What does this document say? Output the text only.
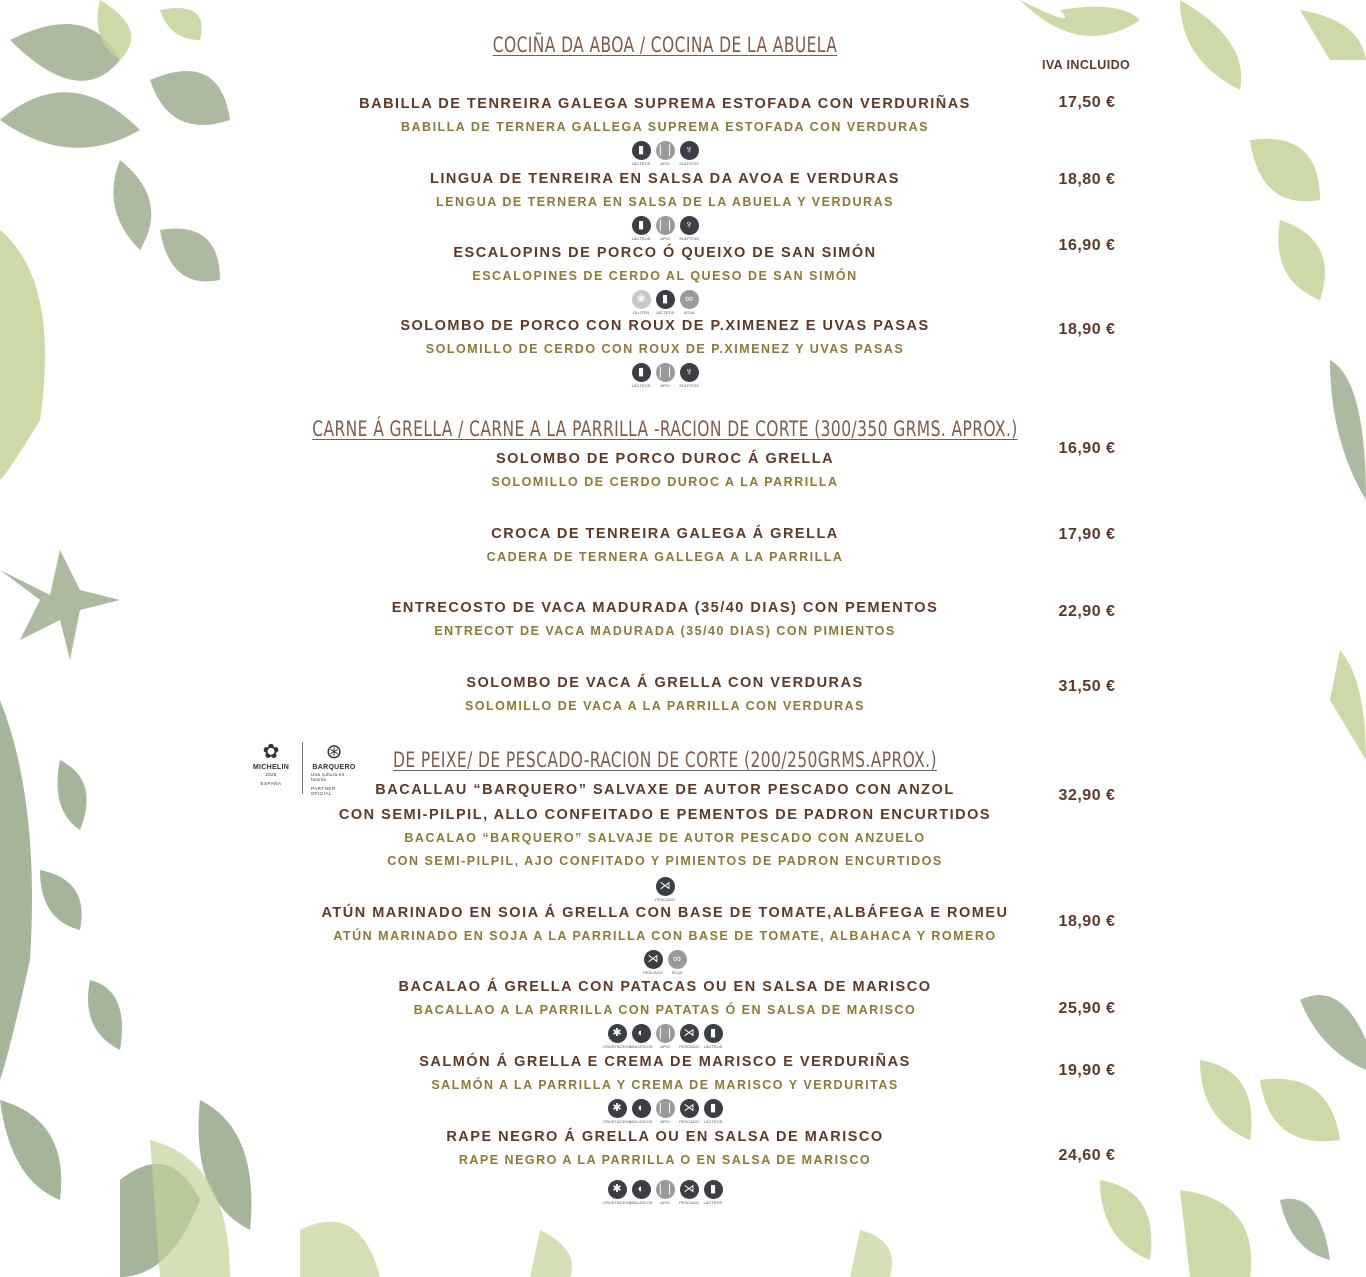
COCIÑA DA ABOA / COCINA DE LA ABUELA
IVA INCLUIDO
BABILLA DE TENREIRA GALEGA SUPREMA ESTOFADA CON VERDURIÑAS
BABILLA DE TERNERA GALLEGA SUPREMA ESTOFADA CON VERDURAS
▮
LÁCTEOS
❘❘
APIO
♆
SULFITOS
17,50 €
LINGUA DE TENREIRA EN SALSA DA AVOA E VERDURAS
LENGUA DE TERNERA EN SALSA DE LA ABUELA Y VERDURAS
▮
LÁCTEOS
❘❘
APIO
♆
SULFITOS
18,80 €
ESCALOPINS DE PORCO Ó QUEIXO DE SAN SIMÓN
ESCALOPINES DE CERDO AL QUESO DE SAN SIMÓN
❀
GLUTEN
▮
LÁCTEOS
∞
SOJA
16,90 €
SOLOMBO DE PORCO CON ROUX DE P.XIMENEZ E UVAS PASAS
SOLOMILLO DE CERDO CON ROUX DE P.XIMENEZ Y UVAS PASAS
▮
LÁCTEOS
❘❘
APIO
♆
SULFITOS
18,90 €
CARNE Á GRELLA / CARNE A LA PARRILLA -RACION DE CORTE (300/350 GRMS. APROX.)
SOLOMBO DE PORCO DUROC Á GRELLA
SOLOMILLO DE CERDO DUROC A LA PARRILLA
16,90 €
CROCA DE TENREIRA GALEGA Á GRELLA
CADERA DE TERNERA GALLEGA A LA PARRILLA
17,90 €
ENTRECOSTO DE VACA MADURADA (35/40 DIAS) CON PEMENTOS
ENTRECOT DE VACA MADURADA (35/40 DIAS) CON PIMIENTOS
22,90 €
SOLOMBO DE VACA Á GRELLA CON VERDURAS
SOLOMILLO DE VACA A LA PARRILLA CON VERDURAS
31,50 €
✿
MICHELIN
2026
ESPAÑA
⊛
BARQUERO
Una cultura en familia
PARTNER OFICIAL
DE PEIXE/ DE PESCADO-RACION DE CORTE (200/250GRMS.APROX.)
BACALLAU “BARQUERO” SALVAXE DE AUTOR PESCADO CON ANZOL
CON SEMI-PILPIL, ALLO CONFEITADO E PEMENTOS DE PADRON ENCURTIDOS
BACALAO “BARQUERO” SALVAJE DE AUTOR PESCADO CON ANZUELO
CON SEMI-PILPIL, AJO CONFITADO Y PIMIENTOS DE PADRON ENCURTIDOS
⋊
PESCADO
32,90 €
ATÚN MARINADO EN SOIA Á GRELLA CON BASE DE TOMATE,ALBÁFEGA E ROMEU
ATÚN MARINADO EN SOJA A LA PARRILLA CON BASE DE TOMATE, ALBAHACA Y ROMERO
⋊
PESCADO
∞
SOJA
18,90 €
BACALAO Á GRELLA CON PATACAS OU EN SALSA DE MARISCO
BACALLAO A LA PARRILLA CON PATATAS Ó EN SALSA DE MARISCO
✱
CRUSTÁCEOS
◐
MOLUSCOS
❘❘
APIO
⋊
PESCADO
▮
LÁCTEOS
25,90 €
SALMÓN Á GRELLA E CREMA DE MARISCO E VERDURIÑAS
SALMÓN A LA PARRILLA Y CREMA DE MARISCO Y VERDURITAS
✱
CRUSTÁCEOS
◐
MOLUSCOS
❘❘
APIO
⋊
PESCADO
▮
LÁCTEOS
19,90 €
RAPE NEGRO Á GRELLA OU EN SALSA DE MARISCO
RAPE NEGRO A LA PARRILLA O EN SALSA DE MARISCO
✱
CRUSTÁCEOS
◐
MOLUSCOS
❘❘
APIO
⋊
PESCADO
▮
LÁCTEOS
24,60 €
